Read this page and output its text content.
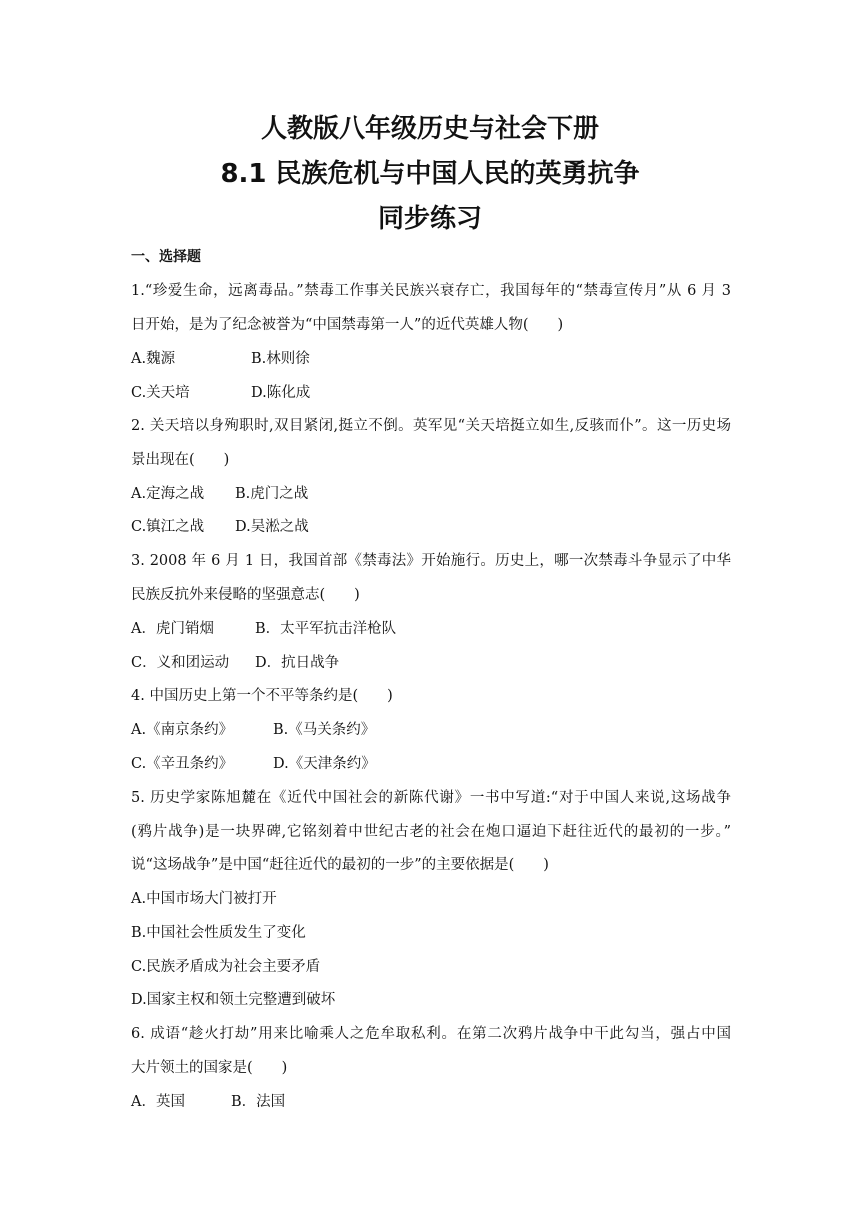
人教版八年级历史与社会下册
8.1 民族危机与中国人民的英勇抗争
同步练习
一、选择题
1.“珍爱生命，远离毒品。”禁毒工作事关民族兴衰存亡，我国每年的“禁毒宣传月”从 6 月 3
日开始，是为了纪念被誉为“中国禁毒第一人”的近代英雄人物(　　)
A.魏源	B.林则徐
C.关天培	D.陈化成
2. 关天培以身殉职时,双目紧闭,挺立不倒。英军见“关天培挺立如生,反骇而仆”。这一历史场
景出现在(　　)
A.定海之战 B.虎门之战
C.镇江之战 D.吴淞之战
3. 2008 年 6 月 1 日，我国首部《禁毒法》开始施行。历史上，哪一次禁毒斗争显示了中华
民族反抗外来侵略的坚强意志(　　)
A．虎门销烟	B．太平军抗击洋枪队
C．义和团运动 D．抗日战争
4. 中国历史上第一个不平等条约是(　　)
A.《南京条约》	B.《马关条约》
C.《辛丑条约》	D.《天津条约》
5. 历史学家陈旭麓在《近代中国社会的新陈代谢》一书中写道:“对于中国人来说,这场战争
(鸦片战争)是一块界碑,它铭刻着中世纪古老的社会在炮口逼迫下赶往近代的最初的一步。”
说“这场战争”是中国“赶往近代的最初的一步”的主要依据是(　　)
A.中国市场大门被打开
B.中国社会性质发生了变化
C.民族矛盾成为社会主要矛盾
D.国家主权和领土完整遭到破坏
6. 成语“趁火打劫”用来比喻乘人之危牟取私利。在第二次鸦片战争中干此勾当，强占中国
大片领土的国家是(　　)
A．英国	B．法国
